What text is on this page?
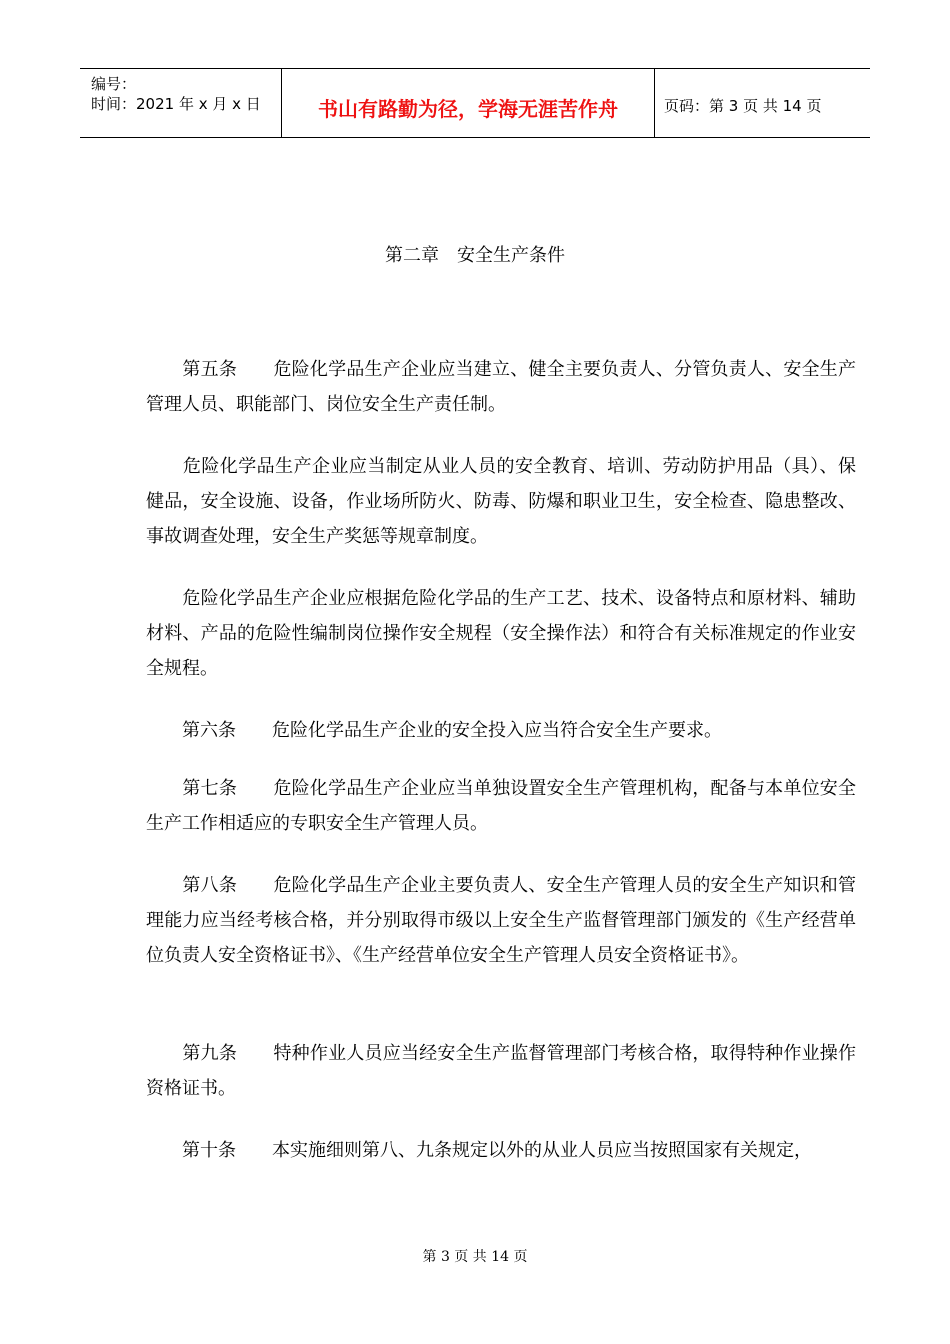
编号：
时间：2021 年 x 月 x 日	书山有路勤为径，学海无涯苦作舟	页码：第 3 页 共 14 页
第二章　安全生产条件

　　第五条　　危险化学品生产企业应当建立、健全主要负责人、分管负责人、安全生产管理人员、职能部门、岗位安全生产责任制。

　　危险化学品生产企业应当制定从业人员的安全教育、培训、劳动防护用品（具）、保健品，安全设施、设备，作业场所防火、防毒、防爆和职业卫生，安全检查、隐患整改、事故调查处理，安全生产奖惩等规章制度。

　　危险化学品生产企业应根据危险化学品的生产工艺、技术、设备特点和原材料、辅助材料、产品的危险性编制岗位操作安全规程（安全操作法）和符合有关标准规定的作业安全规程。

　　第六条　　危险化学品生产企业的安全投入应当符合安全生产要求。

　　第七条　　危险化学品生产企业应当单独设置安全生产管理机构，配备与本单位安全生产工作相适应的专职安全生产管理人员。

　　第八条　　危险化学品生产企业主要负责人、安全生产管理人员的安全生产知识和管理能力应当经考核合格，并分别取得市级以上安全生产监督管理部门颁发的《生产经营单位负责人安全资格证书》、《生产经营单位安全生产管理人员安全资格证书》。

　　第九条　　特种作业人员应当经安全生产监督管理部门考核合格，取得特种作业操作资格证书。

　　第十条　　本实施细则第八、九条规定以外的从业人员应当按照国家有关规定，

第 3 页 共 14 页
